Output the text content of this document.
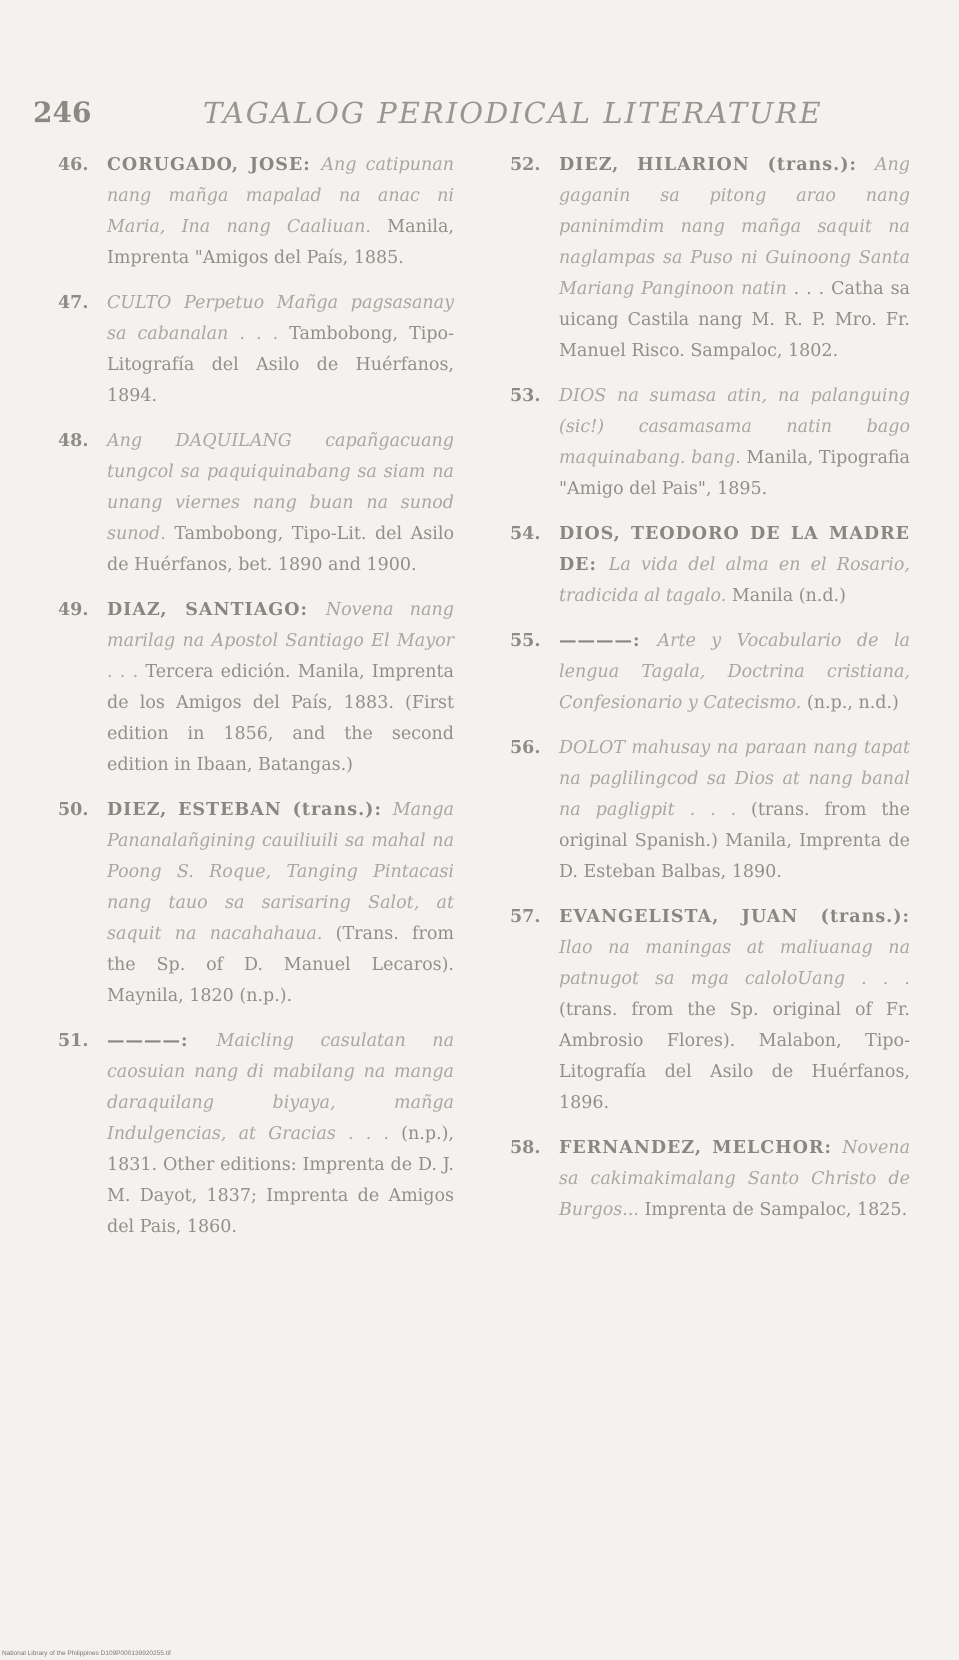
246	TAGALOG PERIODICAL LITERATURE
46. CORUGADO, JOSE: Ang catipunan nang mañga mapalad na anac ni Maria, Ina nang Caaliuan. Manila, Imprenta "Amigos del País, 1885.
47. CULTO Perpetuo Mañga pagsasanay sa cabanalan . . . Tambobong, Tipo-Litografía del Asilo de Huérfanos, 1894.
48. Ang DAQUILANG capañgacuang tungcol sa paquiquinabang sa siam na unang viernes nang buan na sunod sunod. Tambobong, Tipo-Lit. del Asilo de Huérfanos, bet. 1890 and 1900.
49. DIAZ, SANTIAGO: Novena nang marilag na Apostol Santiago El Mayor . . . Tercera edición. Manila, Imprenta de los Amigos del País, 1883. (First edition in 1856, and the second edition in Ibaan, Batangas.)
50. DIEZ, ESTEBAN (trans.): Manga Pananalañgining cauiliuili sa mahal na Poong S. Roque, Tanging Pintacasi nang tauo sa sarisaring Salot, at saquit na nacahahaua. (Trans. from the Sp. of D. Manuel Lecaros). Maynila, 1820 (n.p.).
51. ————: Maicling casulatan na caosuian nang di mabilang na manga daraquilang biyaya, mañga Indulgencias, at Gracias . . . (n.p.), 1831. Other editions: Imprenta de D. J. M. Dayot, 1837; Imprenta de Amigos del Pais, 1860.
52. DIEZ, HILARION (trans.): Ang gaganin sa pitong arao nang paninimdim nang mañga saquit na naglampas sa Puso ni Guinoong Santa Mariang Panginoon natin . . . Catha sa uicang Castila nang M. R. P. Mro. Fr. Manuel Risco. Sampaloc, 1802.
53. DIOS na sumasa atin, na palanguing (sic!) casamasama natin bago maquinabang. bang. Manila, Tipografia "Amigo del Pais", 1895.
54. DIOS, TEODORO DE LA MADRE DE: La vida del alma en el Rosario, tradicida al tagalo. Manila (n.d.)
55. ————: Arte y Vocabulario de la lengua Tagala, Doctrina cristiana, Confesionario y Catecismo. (n.p., n.d.)
56. DOLOT mahusay na paraan nang tapat na paglilingcod sa Dios at nang banal na pagligpit . . . (trans. from the original Spanish.) Manila, Imprenta de D. Esteban Balbas, 1890.
57. EVANGELISTA, JUAN (trans.): Ilao na maningas at maliuanag na patnugot sa mga caloloUang . . . (trans. from the Sp. original of Fr. Ambrosio Flores). Malabon, Tipo-Litografía del Asilo de Huérfanos, 1896.
58. FERNANDEZ, MELCHOR: Novena sa cakimakimalang Santo Christo de Burgos... Imprenta de Sampaloc, 1825.
National Library of the Philippines D109P000139920255.tif
